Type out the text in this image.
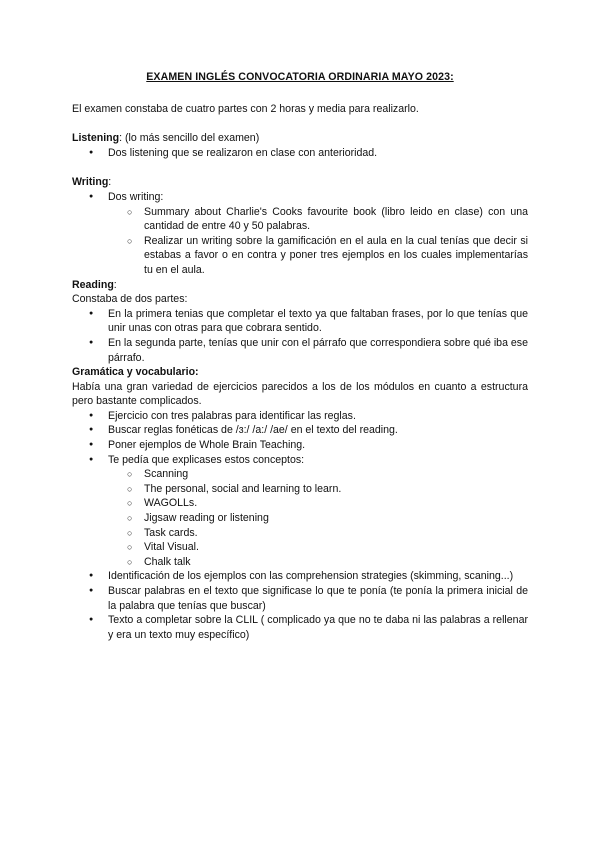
EXAMEN INGLÉS CONVOCATORIA ORDINARIA MAYO 2023:

El examen constaba de cuatro partes con 2 horas y media para realizarlo.

Listening: (lo más sencillo del examen)

● Dos listening que se realizaron en clase con anterioridad.

Writing:

● Dos writing:
○ Summary about Charlie's Cooks favourite book (libro leido en clase) con una cantidad de entre 40 y 50 palabras.
○ Realizar un writing sobre la gamificación en el aula en la cual tenías que decir si estabas a favor o en contra y poner tres ejemplos en los cuales implementarías tu en el aula.

Reading:

Constaba de dos partes:

● En la primera tenias que completar el texto ya que faltaban frases, por lo que tenías que unir unas con otras para que cobrara sentido.
● En la segunda parte, tenías que unir con el párrafo que correspondiera sobre qué iba ese párrafo.

Gramática y vocabulario:

Había una gran variedad de ejercicios parecidos a los de los módulos en cuanto a estructura pero bastante complicados.

● Ejercicio con tres palabras para identificar las reglas.
● Buscar reglas fonéticas de /ɜ:/ /a:/ /ae/ en el texto del reading.
● Poner ejemplos de Whole Brain Teaching.
● Te pedía que explicases estos conceptos:
○ Scanning
○ The personal, social and learning to learn.
○ WAGOLLs.
○ Jigsaw reading or listening
○ Task cards.
○ Vital Visual.
○ Chalk talk
● Identificación de los ejemplos con las comprehension strategies (skimming, scaning...)
● Buscar palabras en el texto que significase lo que te ponía (te ponía la primera inicial de la palabra que tenías que buscar)
● Texto a completar sobre la CLIL ( complicado ya que no te daba ni las palabras a rellenar y era un texto muy específico)
